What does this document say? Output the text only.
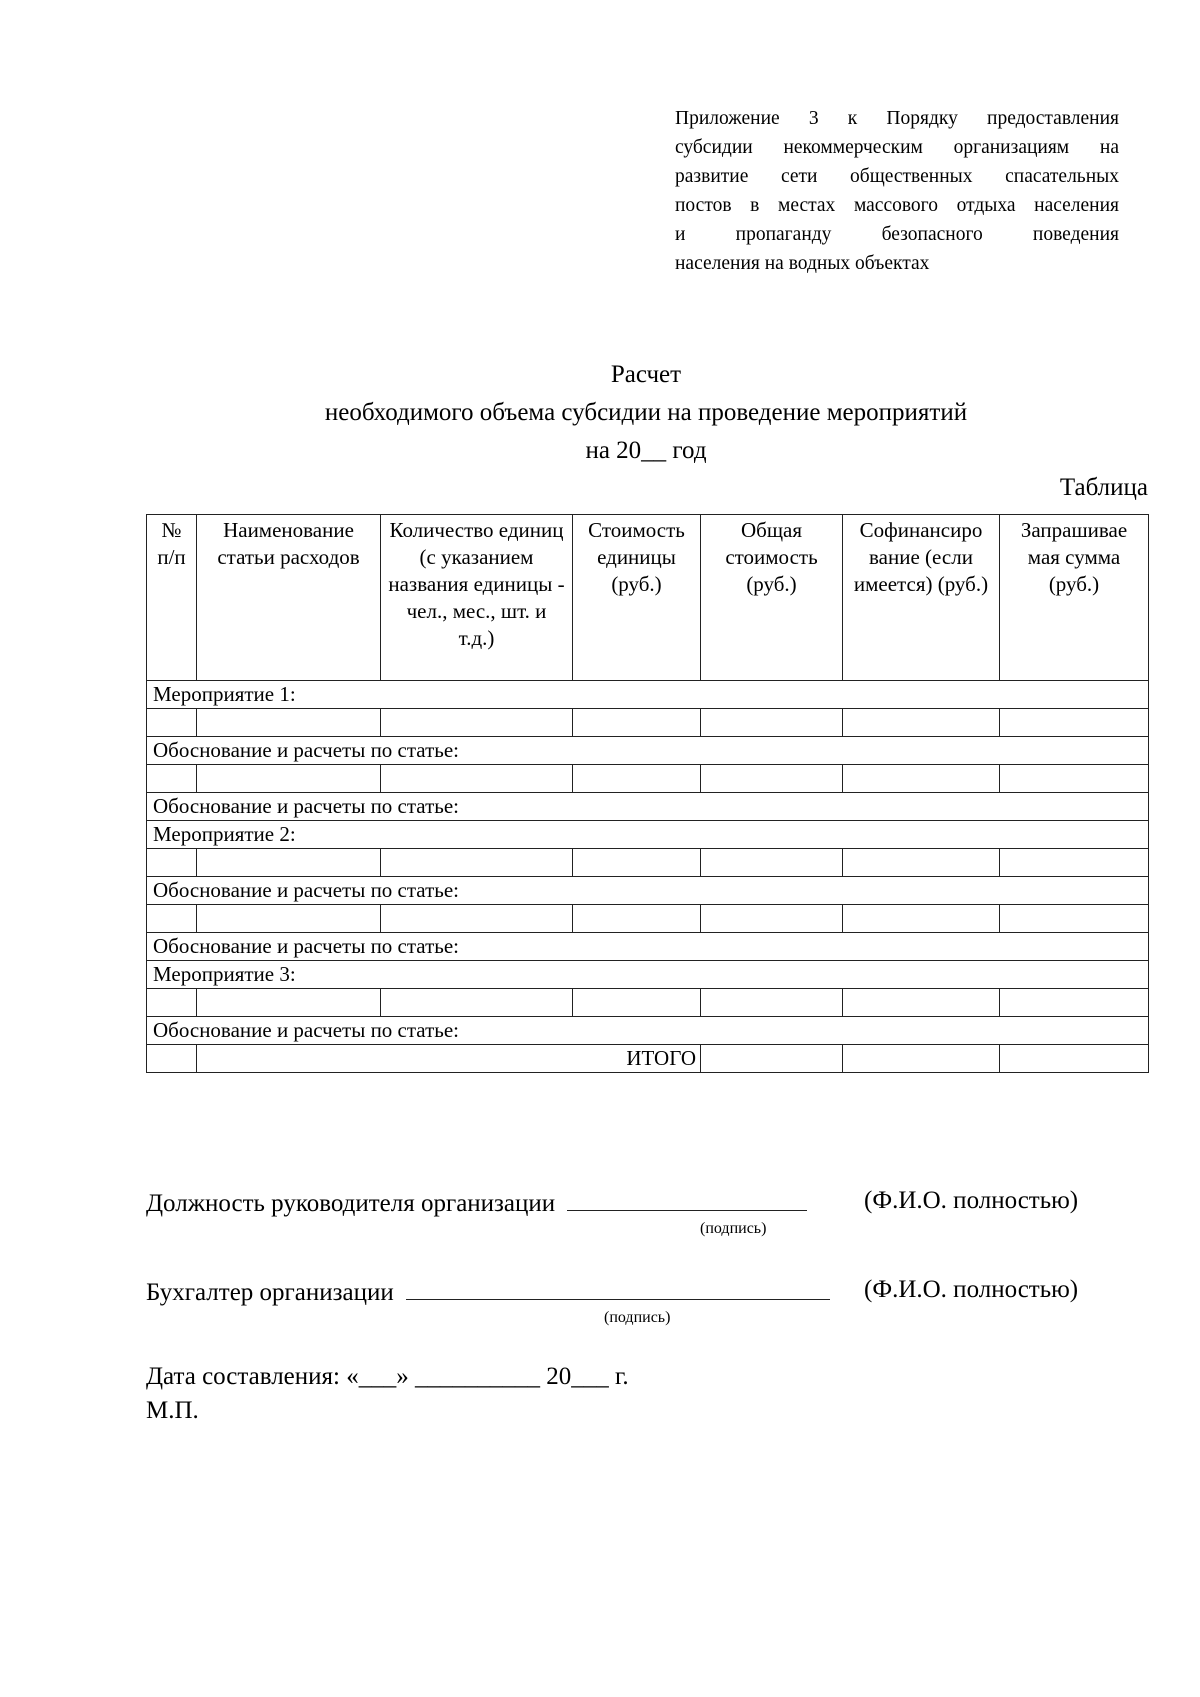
Приложение 3 к Порядку предоставления
субсидии некоммерческим организациям на
развитие сети общественных спасательных
постов в местах массового отдыха населения
и пропаганду безопасного поведения
населения на водных объектах
Расчет
необходимого объема субсидии на проведение мероприятий
на 20__ год
Таблица
№ п/п	Наименование статьи расходов	Количество единиц (с указанием названия единицы - чел., мес., шт. и т.д.)	Стоимость единицы (руб.)	Общая стоимость (руб.)	Софинансиро вание (если имеется) (руб.)	Запрашивае мая сумма (руб.)
Мероприятие 1:						

Обоснование и расчеты по статье:						

Обоснование и расчеты по статье:						
Мероприятие 2:						

Обоснование и расчеты по статье:						

Обоснование и расчеты по статье:						
Мероприятие 3:						

Обоснование и расчеты по статье:						
	ИТОГО					
Должность руководителя организации	(Ф.И.О. полностью)
(подпись)
Бухгалтер организации	(Ф.И.О. полностью)
(подпись)
Дата составления: «___» __________ 20___ г.
М.П.
